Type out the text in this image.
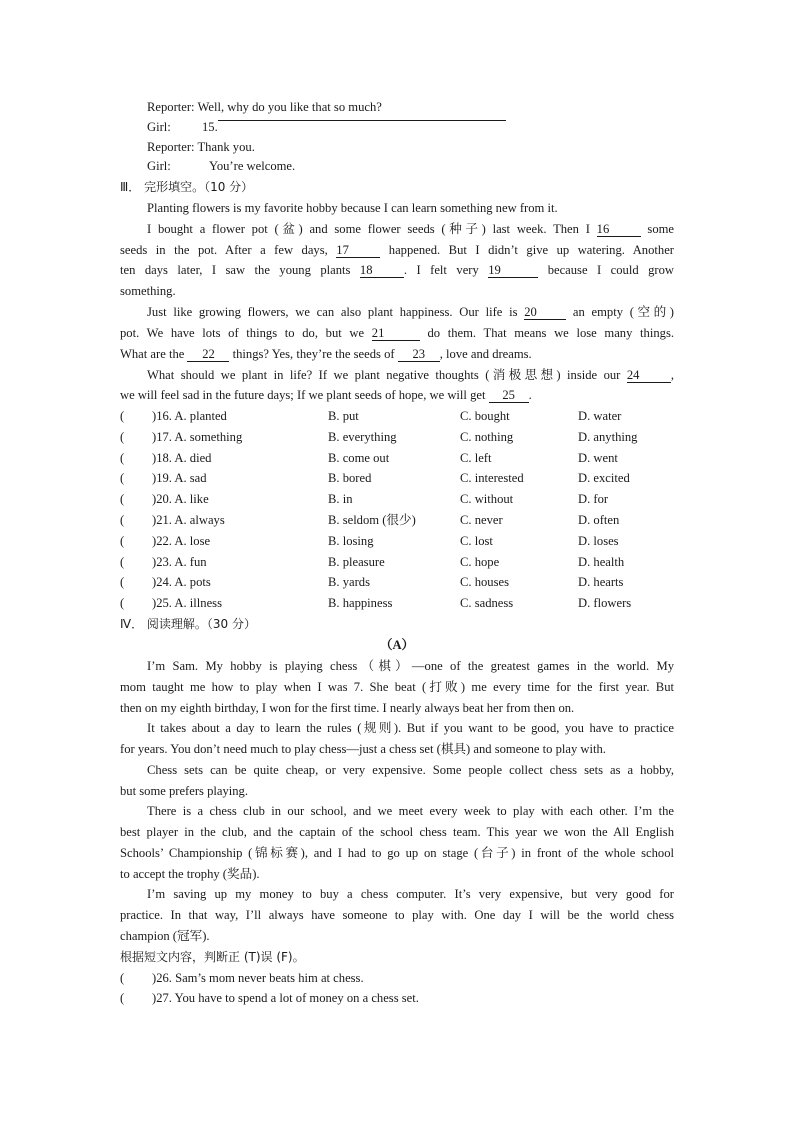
Reporter: Well, why do you like that so much?
Girl: 15.
Reporter: Thank you.
Girl:	You’re welcome.
Ⅲ． 完形填空。（10 分）
Planting flowers is my favorite hobby because I can learn something new from it.
I bought a flower pot (盆) and some flower seeds (种子) last week. Then I 16 some
seeds in the pot. After a few days, 17 happened. But I didn’t give up watering. Another
ten days later, I saw the young plants 18 . I felt very 19	because I could grow
something.
Just like growing flowers, we can also plant happiness. Our life is 20 an empty (空的)
pot. We have lots of things to do, but we 21	do them. That means we lose many things.
What are the 22 things? Yes, they’re the seeds of 23 , love and dreams.
What should we plant in life? If we plant negative thoughts (消极思想) inside our 24 ,
we will feel sad in the future days; If we plant seeds of hope, we will get 25 .
( )16. A. planted	B. put	C. bought	D. water
( )17. A. something	B. everything	C. nothing	D. anything
( )18. A. died	B. come out	C. left	D. went
( )19. A. sad	B. bored	C. interested	D. excited
( )20. A. like	B. in	C. without	D. for
( )21. A. always	B. seldom (很少)	C. never	D. often
( )22. A. lose	B. losing	C. lost	D. loses
( )23. A. fun	B. pleasure	C. hope	D. health
( )24. A. pots	B. yards	C. houses	D. hearts
( )25. A. illness	B. happiness	C. sadness	D. flowers
Ⅳ． 阅读理解。（30 分）
（A）
I’m Sam. My hobby is playing chess（棋）—one of the greatest games in the world. My
mom taught me how to play when I was 7. She beat (打败) me every time for the first year. But
then on my eighth birthday, I won for the first time. I nearly always beat her from then on.
It takes about a day to learn the rules (规则). But if you want to be good, you have to practice
for years. You don’t need much to play chess—just a chess set (棋具) and someone to play with.
Chess sets can be quite cheap, or very expensive. Some people collect chess sets as a hobby,
but some prefers playing.
There is a chess club in our school, and we meet every week to play with each other. I’m the
best player in the club, and the captain of the school chess team. This year we won the All English
Schools’ Championship (锦标赛), and I had to go up on stage (台子) in front of the whole school
to accept the trophy (奖品).
I’m saving up my money to buy a chess computer. It’s very expensive, but very good for
practice. In that way, I’ll always have someone to play with. One day I will be the world chess
champion (冠军).
根据短文内容，判断正 (T)误 (F)。
( )26. Sam’s mom never beats him at chess.
( )27. You have to spend a lot of money on a chess set.
